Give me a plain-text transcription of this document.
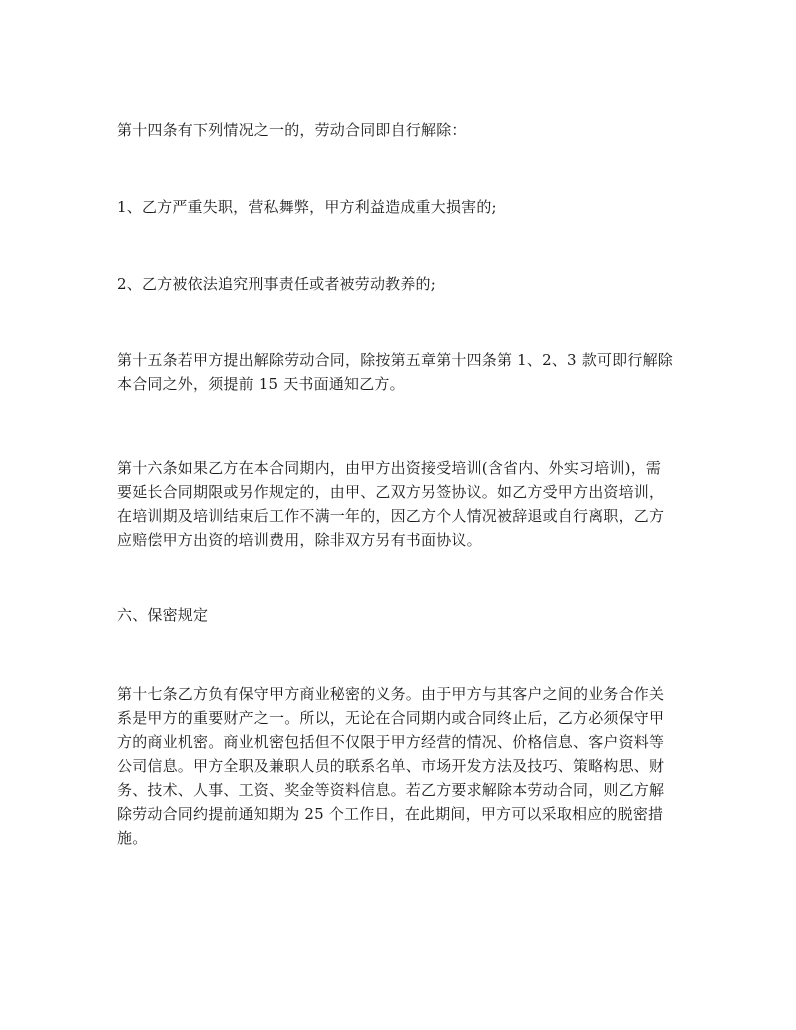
第十四条有下列情况之一的，劳动合同即自行解除：
1、乙方严重失职，营私舞弊，甲方利益造成重大损害的;
2、乙方被依法追究刑事责任或者被劳动教养的;
第十五条若甲方提出解除劳动合同，除按第五章第十四条第 1、2、3 款可即行解除
本合同之外，须提前 15 天书面通知乙方。
第十六条如果乙方在本合同期内，由甲方出资接受培训(含省内、外实习培训)，需
要延长合同期限或另作规定的，由甲、乙双方另签协议。如乙方受甲方出资培训，
在培训期及培训结束后工作不满一年的，因乙方个人情况被辞退或自行离职，乙方
应赔偿甲方出资的培训费用，除非双方另有书面协议。
六、保密规定
第十七条乙方负有保守甲方商业秘密的义务。由于甲方与其客户之间的业务合作关
系是甲方的重要财产之一。所以，无论在合同期内或合同终止后，乙方必须保守甲
方的商业机密。商业机密包括但不仅限于甲方经营的情况、价格信息、客户资料等
公司信息。甲方全职及兼职人员的联系名单、市场开发方法及技巧、策略构思、财
务、技术、人事、工资、奖金等资料信息。若乙方要求解除本劳动合同，则乙方解
除劳动合同约提前通知期为 25 个工作日，在此期间，甲方可以采取相应的脱密措
施。
